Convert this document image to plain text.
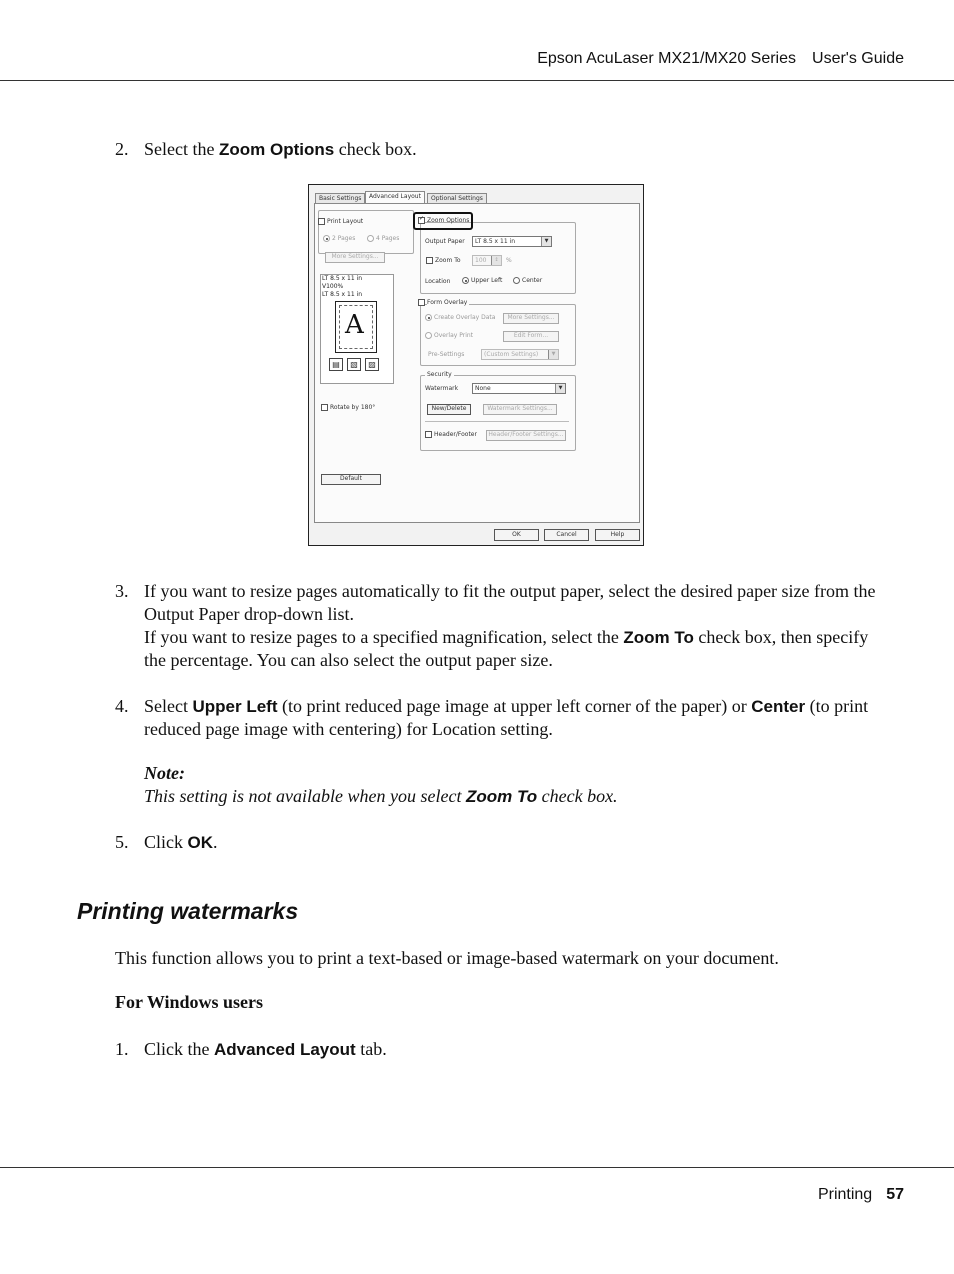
Epson AcuLaser MX21/MX20 Series User's Guide
2. Select the Zoom Options check box.
Basic Settings	Advanced Layout	Optional Settings
Print Layout
2 Pages	4 Pages
More Settings...
LT 8.5 x 11 in
V100%
LT 8.5 x 11 in
A
▤	▧	▨
Rotate by 180°
Default
✓
Zoom Options
Output Paper	LT 8.5 x 11 in	▼
Zoom To	100	↕	%
Location	Upper Left	Center
Form Overlay
Create Overlay Data	More Settings...
Overlay Print	Edit Form...
Pre-Settings	(Custom Settings)	▼
Security
Watermark	None	▼
New/Delete	Watermark Settings...
Header/Footer	Header/Footer Settings...
OK	Cancel	Help
3. If you want to resize pages automatically to fit the output paper, select the desired paper size from the Output Paper drop-down list.
If you want to resize pages to a specified magnification, select the Zoom To check box, then specify the percentage. You can also select the output paper size.
4. Select Upper Left (to print reduced page image at upper left corner of the paper) or Center (to print reduced page image with centering) for Location setting.
Note:
This setting is not available when you select Zoom To check box.
5. Click OK.
Printing watermarks
This function allows you to print a text-based or image-based watermark on your document.
For Windows users
1. Click the Advanced Layout tab.
Printing 57
